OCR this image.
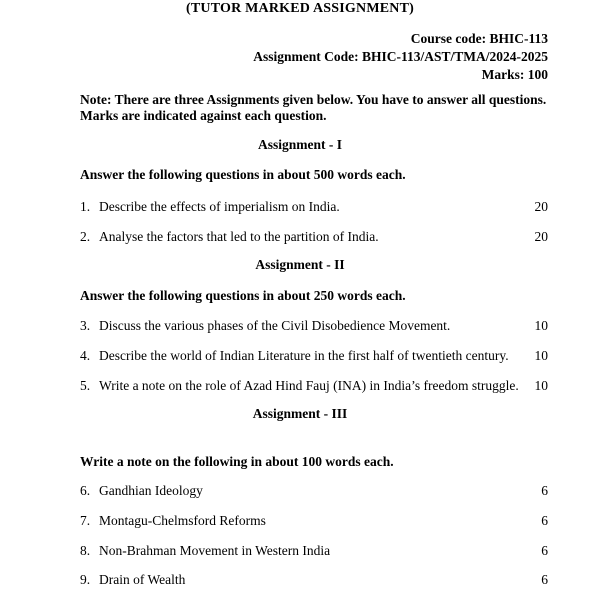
(TUTOR MARKED ASSIGNMENT)
Course code: BHIC-113
Assignment Code: BHIC-113/AST/TMA/2024-2025
Marks: 100
Note: There are three Assignments given below. You have to answer all questions.
Marks are indicated against each question.
Assignment - I
Answer the following questions in about 500 words each.
1. Describe the effects of imperialism on India.	20
2. Analyse the factors that led to the partition of India.	20
Assignment - II
Answer the following questions in about 250 words each.
3. Discuss the various phases of the Civil Disobedience Movement.	10
4. Describe the world of Indian Literature in the first half of twentieth century. 10
5. Write a note on the role of Azad Hind Fauj (INA) in India’s freedom struggle. 10
Assignment - III
Write a note on the following in about 100 words each.
6. Gandhian Ideology	6
7. Montagu-Chelmsford Reforms	6
8. Non-Brahman Movement in Western India	6
9. Drain of Wealth	6
